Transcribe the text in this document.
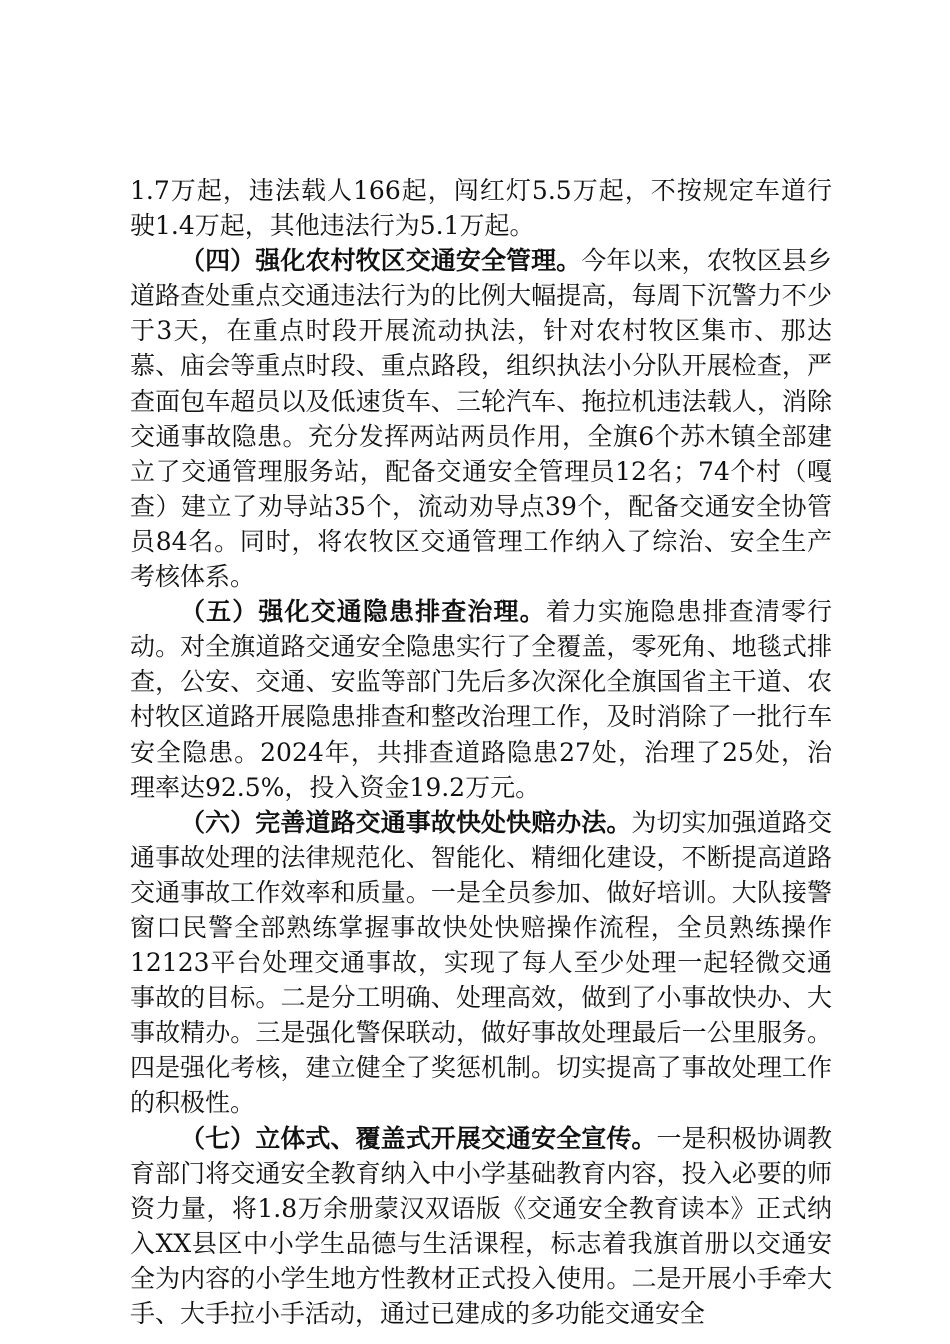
1.7万起，违法载人166起，闯红灯5.5万起，不按规定车道行驶1.4万起，其他违法行为5.1万起。

（四）强化农村牧区交通安全管理。今年以来，农牧区县乡道路查处重点交通违法行为的比例大幅提高，每周下沉警力不少于3天，在重点时段开展流动执法，针对农村牧区集市、那达慕、庙会等重点时段、重点路段，组织执法小分队开展检查，严查面包车超员以及低速货车、三轮汽车、拖拉机违法载人，消除交通事故隐患。充分发挥两站两员作用，全旗6个苏木镇全部建立了交通管理服务站，配备交通安全管理员12名；74个村（嘎查）建立了劝导站35个，流动劝导点39个，配备交通安全协管员84名。同时，将农牧区交通管理工作纳入了综治、安全生产考核体系。

（五）强化交通隐患排查治理。着力实施隐患排查清零行动。对全旗道路交通安全隐患实行了全覆盖，零死角、地毯式排查，公安、交通、安监等部门先后多次深化全旗国省主干道、农村牧区道路开展隐患排查和整改治理工作，及时消除了一批行车安全隐患。2024年，共排查道路隐患27处，治理了25处，治理率达92.5%，投入资金19.2万元。

（六）完善道路交通事故快处快赔办法。为切实加强道路交通事故处理的法律规范化、智能化、精细化建设，不断提高道路交通事故工作效率和质量。一是全员参加、做好培训。大队接警窗口民警全部熟练掌握事故快处快赔操作流程，全员熟练操作12123平台处理交通事故，实现了每人至少处理一起轻微交通事故的目标。二是分工明确、处理高效，做到了小事故快办、大事故精办。三是强化警保联动，做好事故处理最后一公里服务。四是强化考核，建立健全了奖惩机制。切实提高了事故处理工作的积极性。

（七）立体式、覆盖式开展交通安全宣传。一是积极协调教育部门将交通安全教育纳入中小学基础教育内容，投入必要的师资力量，将1.8万余册蒙汉双语版《交通安全教育读本》正式纳入XX县区中小学生品德与生活课程，标志着我旗首册以交通安全为内容的小学生地方性教材正式投入使用。二是开展小手牵大手、大手拉小手活动，通过已建成的多功能交通安全
